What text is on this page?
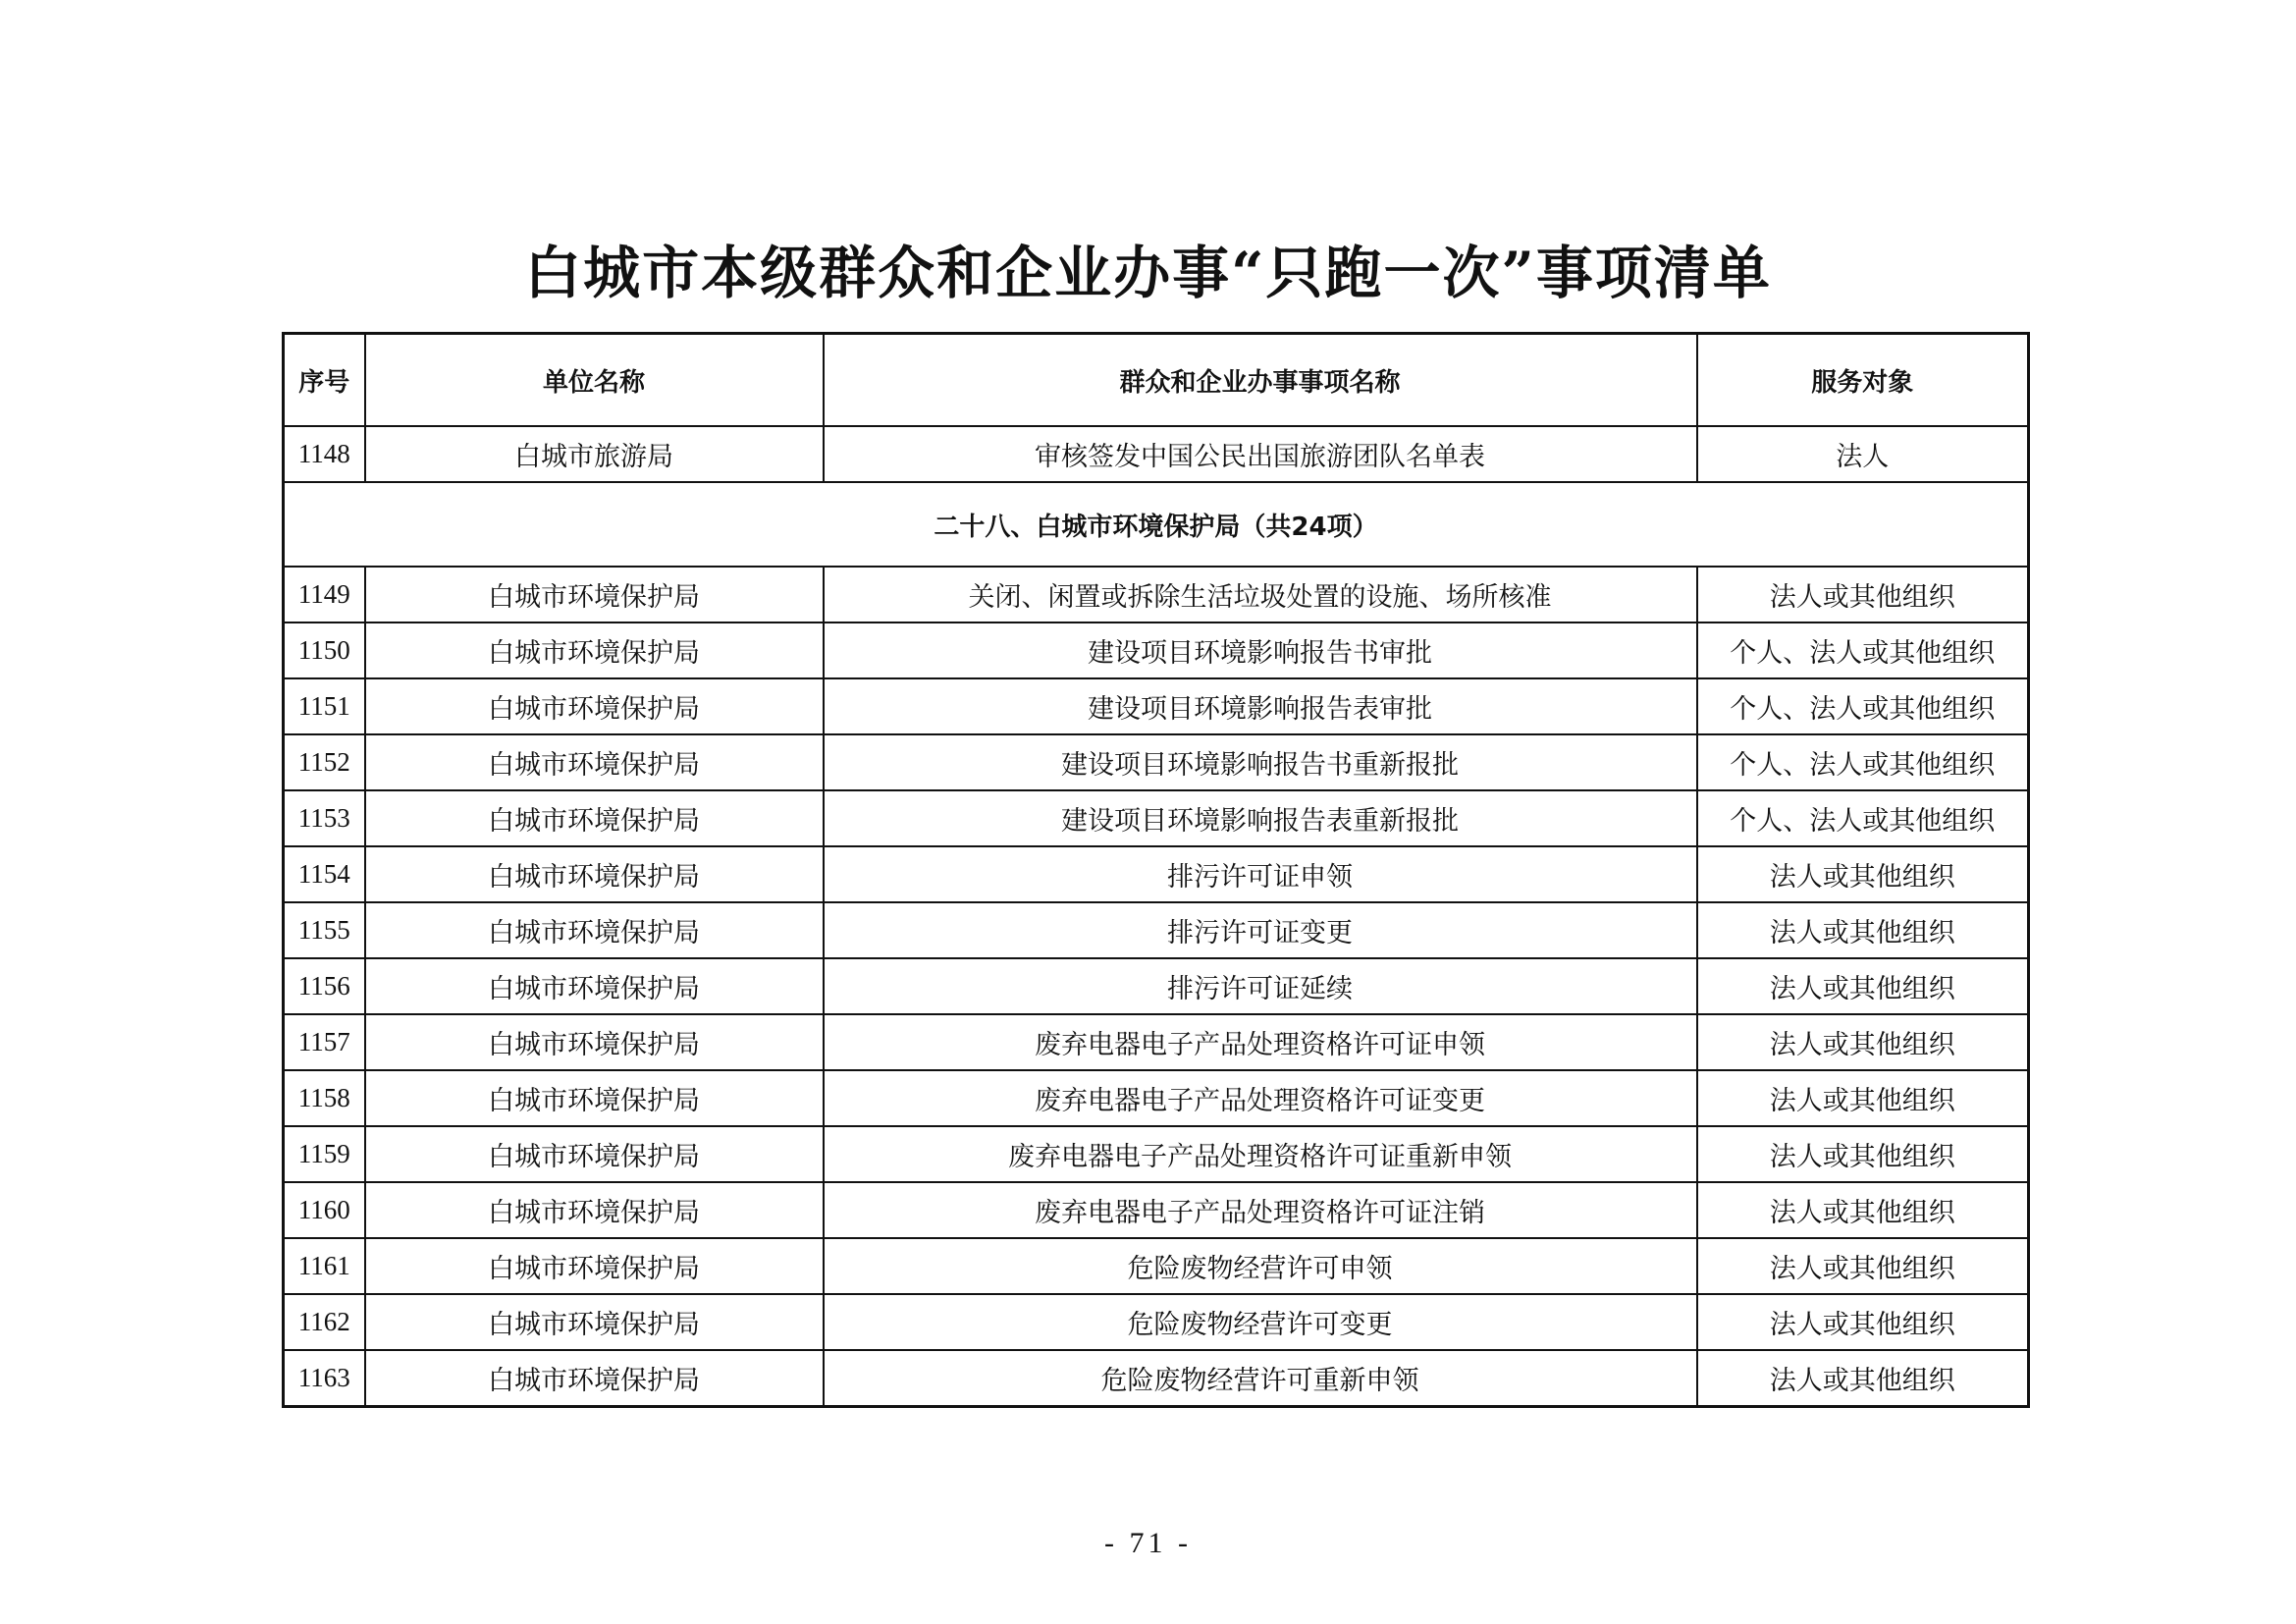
白城市本级群众和企业办事“只跑一次”事项清单
序号	单位名称	群众和企业办事事项名称	服务对象
1148	白城市旅游局	审核签发中国公民出国旅游团队名单表	法人
二十八、白城市环境保护局（共24项）			
1149	白城市环境保护局	关闭、闲置或拆除生活垃圾处置的设施、场所核准	法人或其他组织
1150	白城市环境保护局	建设项目环境影响报告书审批	个人、法人或其他组织
1151	白城市环境保护局	建设项目环境影响报告表审批	个人、法人或其他组织
1152	白城市环境保护局	建设项目环境影响报告书重新报批	个人、法人或其他组织
1153	白城市环境保护局	建设项目环境影响报告表重新报批	个人、法人或其他组织
1154	白城市环境保护局	排污许可证申领	法人或其他组织
1155	白城市环境保护局	排污许可证变更	法人或其他组织
1156	白城市环境保护局	排污许可证延续	法人或其他组织
1157	白城市环境保护局	废弃电器电子产品处理资格许可证申领	法人或其他组织
1158	白城市环境保护局	废弃电器电子产品处理资格许可证变更	法人或其他组织
1159	白城市环境保护局	废弃电器电子产品处理资格许可证重新申领	法人或其他组织
1160	白城市环境保护局	废弃电器电子产品处理资格许可证注销	法人或其他组织
1161	白城市环境保护局	危险废物经营许可申领	法人或其他组织
1162	白城市环境保护局	危险废物经营许可变更	法人或其他组织
1163	白城市环境保护局	危险废物经营许可重新申领	法人或其他组织
- 71 -
